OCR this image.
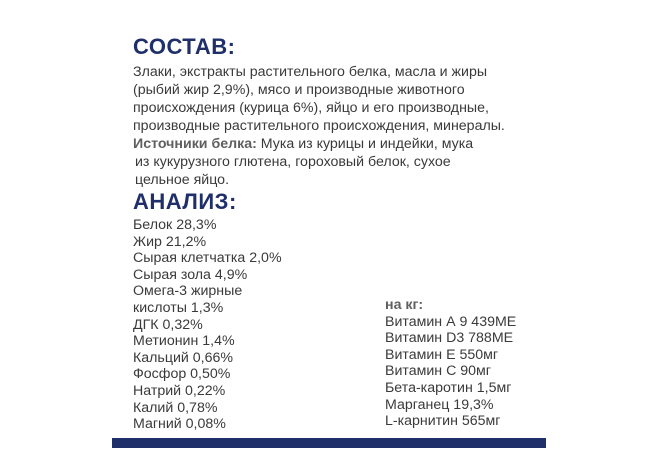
СОСТАВ:
Злаки, экстракты растительного белка, масла и жиры
(рыбий жир 2,9%), мясо и производные животного
происхождения (курица 6%), яйцо и его производные,
производные растительного происхождения, минералы.
Источники белка: Мука из курицы и индейки, мука
из кукурузного глютена, гороховый белок, сухое
цельное яйцо.
АНАЛИЗ:
Белок 28,3%
Жир 21,2%
Сырая клетчатка 2,0%
Сырая зола 4,9%
Омега-3 жирные
кислоты 1,3%
ДГК 0,32%
Метионин 1,4%
Кальций 0,66%
Фосфор 0,50%
Натрий 0,22%
Калий 0,78%
Магний 0,08%
на кг:
Витамин А 9 439МЕ
Витамин D3 788МЕ
Витамин Е 550мг
Витамин С 90мг
Бета-каротин 1,5мг
Марганец 19,3%
L-карнитин 565мг
